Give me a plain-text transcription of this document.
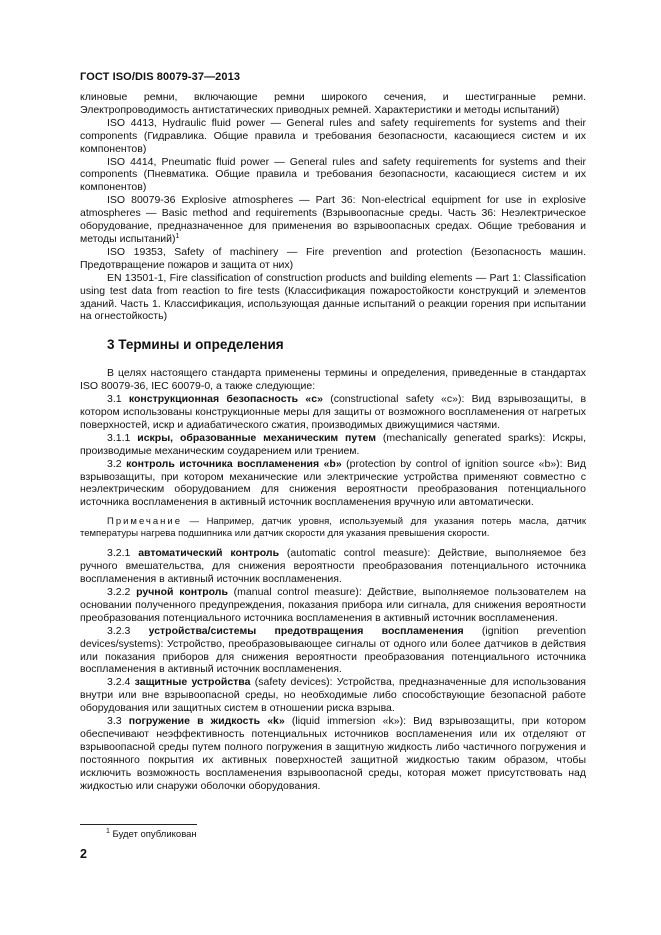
ГОСТ ISO/DIS 80079-37—2013

клиновые ремни, включающие ремни широкого сечения, и шестигранные ремни. Электропроводимость антистатических приводных ремней. Характеристики и методы испытаний)

ISO 4413, Hydraulic fluid power — General rules and safety requirements for systems and their components (Гидравлика. Общие правила и требования безопасности, касающиеся систем и их компонентов)

ISO 4414, Pneumatic fluid power — General rules and safety requirements for systems and their components (Пневматика. Общие правила и требования безопасности, касающиеся систем и их компонентов)

ISO 80079-36 Explosive atmospheres — Part 36: Non-electrical equipment for use in explosive atmospheres — Basic method and requirements (Взрывоопасные среды. Часть 36: Неэлектрическое оборудование, предназначенное для применения во взрывоопасных средах. Общие требования и методы испытаний)$^1$

ISO 19353, Safety of machinery — Fire prevention and protection (Безопасность машин. Предотвращение пожаров и защита от них)

EN 13501-1, Fire classification of construction products and building elements — Part 1: Classification using test data from reaction to fire tests (Классификация пожаростойкости конструкций и элементов зданий. Часть 1. Классификация, использующая данные испытаний о реакции горения при испытании на огнестойкость)

3 Термины и определения

В целях настоящего стандарта применены термины и определения, приведенные в стандартах ISO 80079-36, IEC 60079-0, а также следующие:

3.1 конструкционная безопасность «c» (constructional safety «c»): Вид взрывозащиты, в котором использованы конструкционные меры для защиты от возможного воспламенения от нагретых поверхностей, искр и адиабатического сжатия, производимых движущимися частями.

3.1.1 искры, образованные механическим путем (mechanically generated sparks): Искры, производимые механическим соударением или трением.

3.2 контроль источника воспламенения «b» (protection by control of ignition source «b»): Вид взрывозащиты, при котором механические или электрические устройства применяют совместно с неэлектрическим оборудованием для снижения вероятности преобразования потенциального источника воспламенения в активный источник воспламенения вручную или автоматически.

Примечание — Например, датчик уровня, используемый для указания потерь масла, датчик температуры нагрева подшипника или датчик скорости для указания превышения скорости.

3.2.1 автоматический контроль (automatic control measure): Действие, выполняемое без ручного вмешательства, для снижения вероятности преобразования потенциального источника воспламенения в активный источник воспламенения.

3.2.2 ручной контроль (manual control measure): Действие, выполняемое пользователем на основании полученного предупреждения, показания прибора или сигнала, для снижения вероятности преобразования потенциального источника воспламенения в активный источник воспламенения.

3.2.3 устройства/системы предотвращения воспламенения (ignition prevention devices/systems): Устройство, преобразовывающее сигналы от одного или более датчиков в действия или показания приборов для снижения вероятности преобразования потенциального источника воспламенения в активный источник воспламенения.

3.2.4 защитные устройства (safety devices): Устройства, предназначенные для использования внутри или вне взрывоопасной среды, но необходимые либо способствующие безопасной работе оборудования или защитных систем в отношении риска взрыва.

3.3 погружение в жидкость «k» (liquid immersion «k»): Вид взрывозащиты, при котором обеспечивают неэффективность потенциальных источников воспламенения или их отделяют от взрывоопасной среды путем полного погружения в защитную жидкость либо частичного погружения и постоянного покрытия их активных поверхностей защитной жидкостью таким образом, чтобы исключить возможность воспламенения взрывоопасной среды, которая может присутствовать над жидкостью или снаружи оболочки оборудования.

$^1$ Будет опубликован
2
